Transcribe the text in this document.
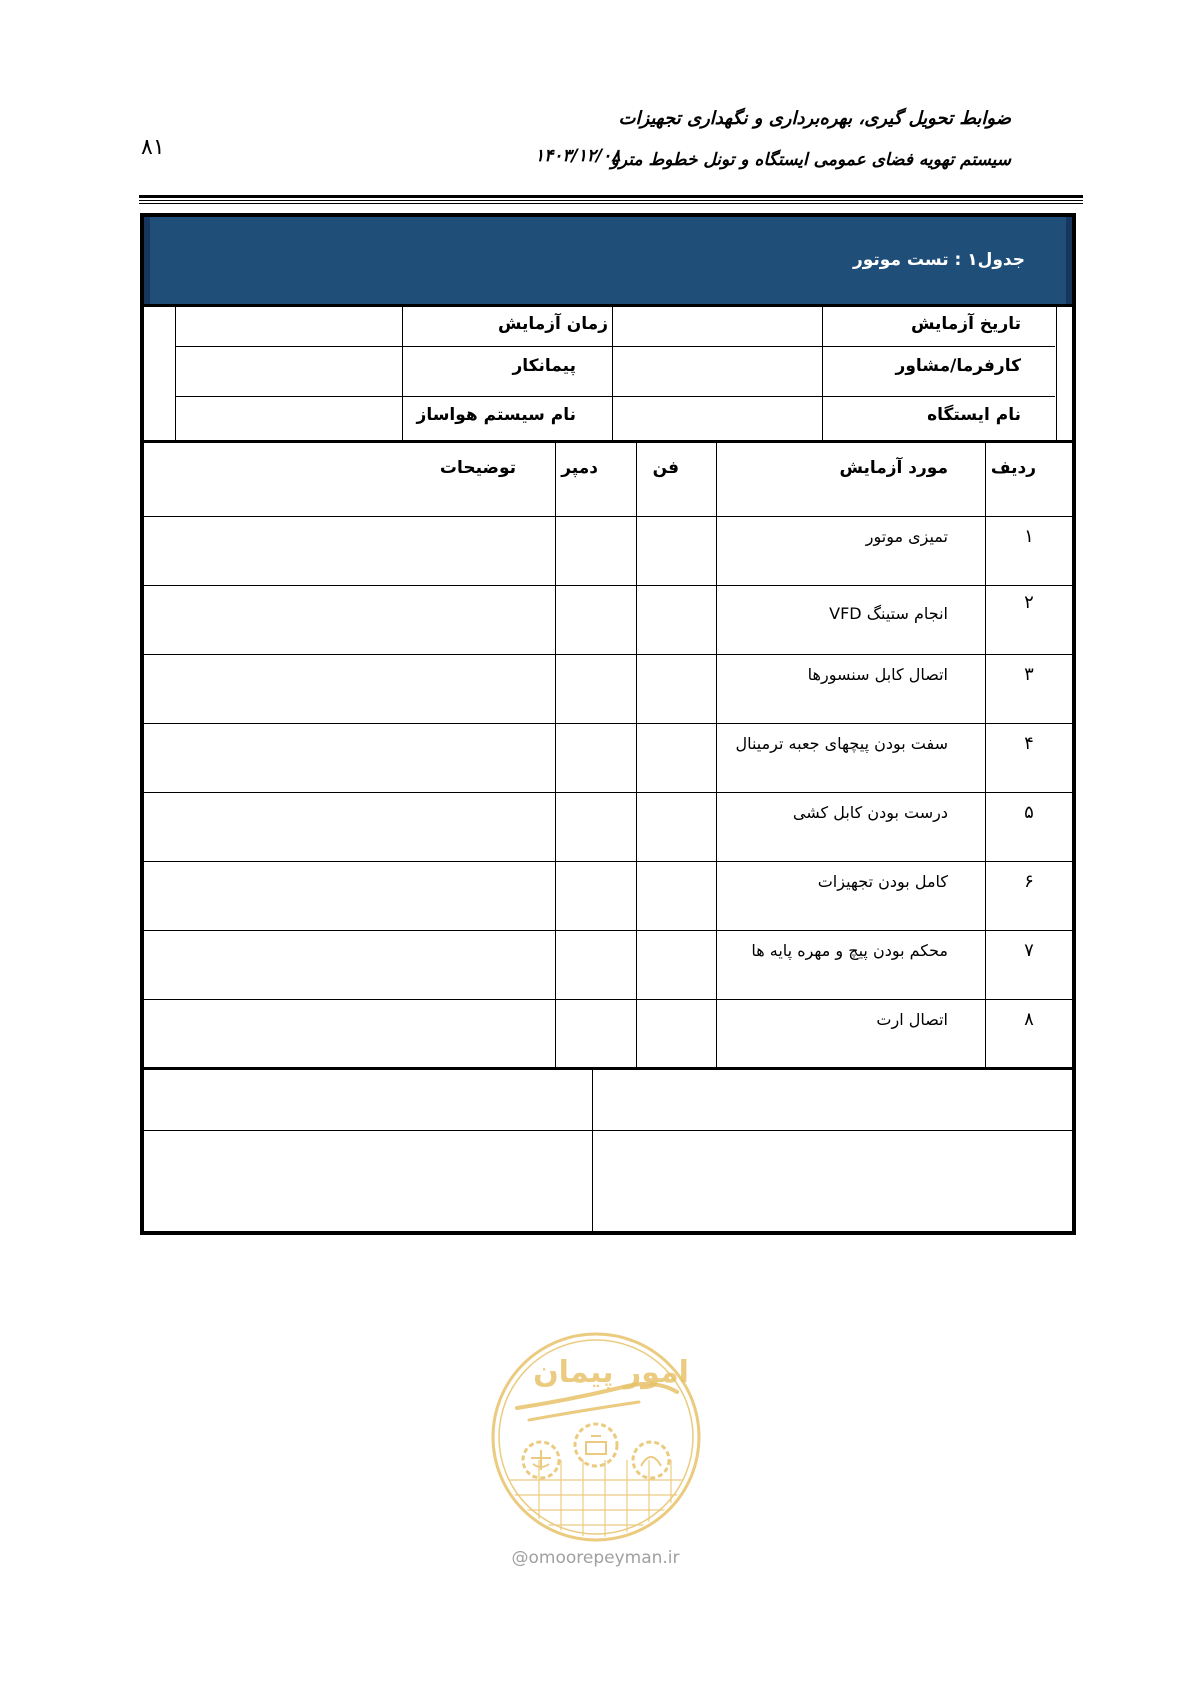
ضوابط تحویل گیری، بهره‌برداری و نگهداری تجهیزات
سیستم تهویه فضای عمومی ایستگاه و تونل خطوط مترو
۱۴۰۳/۱۲/۰۸
۸۱
جدول۱ : تست موتور
تاریخ آزمایش
زمان آزمایش
کارفرما/مشاور
پیمانکار
نام ایستگاه
نام سیستم هواساز
ردیف
مورد آزمایش
فن
دمپر
توضیحات
۱
تمیزی موتور
۲
انجام ستینگ VFD
۳
اتصال کابل سنسورها
۴
سفت بودن پیچهای جعبه ترمینال
۵
درست بودن کابل کشی
۶
کامل بودن تجهیزات
۷
محکم بودن پیچ و مهره پایه ها
۸
اتصال ارت
امور پیمان
@omoorepeyman.ir
